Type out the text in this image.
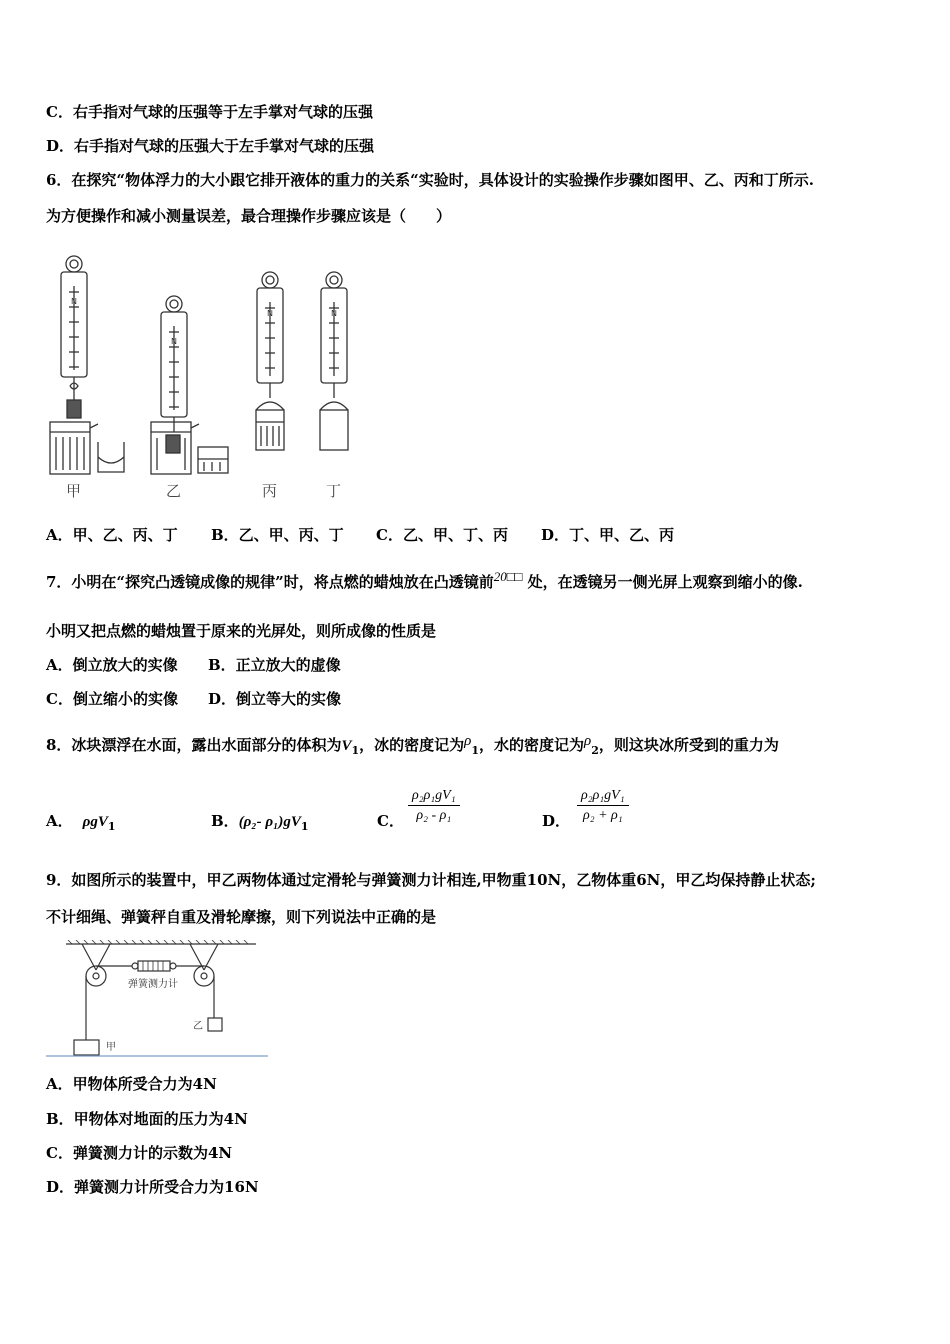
C．右手指对气球的压强等于左手掌对气球的压强
D．右手指对气球的压强大于左手掌对气球的压强
6．在探究“物体浮力的大小跟它排开液体的重力的关系“实验时，具体设计的实验操作步骤如图甲、乙、丙和丁所示.
为方便操作和减小测量误差，最合理操作步骤应该是（　　）
N
N
N	N
甲	乙	丙	丁
A．甲、乙、丙、丁 B．乙、甲、丙、丁 C．乙、甲、丁、丙 D．丁、甲、乙、丙
7．小明在“探究凸透镜成像的规律”时，将点燃的蜡烛放在凸透镜前20□□ 处，在透镜另一侧光屏上观察到缩小的像.
小明又把点燃的蜡烛置于原来的光屏处，则所成像的性质是
A．倒立放大的实像 B．正立放大的虚像
C．倒立缩小的实像 D．倒立等大的实像
8．冰块漂浮在水面，露出水面部分的体积为$V_1$，冰的密度记为$\rho_1$，水的密度记为$\rho_2$，则这块冰所受到的重力为
A． ρgV$_1$	B．(ρ₂- $\rho_1)gV_1$	C． $\frac{\text{ρ₂ρ₁gV₁}}{\text{ρ₂ - ρ₁}}$	D． $\frac{\text{ρ₂ρ₁gV₁}}{\text{ρ₂ + ρ₁}}$
9．如图所示的装置中，甲乙两物体通过定滑轮与弹簧测力计相连,甲物重10N，乙物体重6N，甲乙均保持静止状态;
不计细绳、弹簧秤自重及滑轮摩擦，则下列说法中正确的是
弹簧测力计
乙
甲
A．甲物体所受合力为4N
B．甲物体对地面的压力为4N
C．弹簧测力计的示数为4N
D．弹簧测力计所受合力为16N
